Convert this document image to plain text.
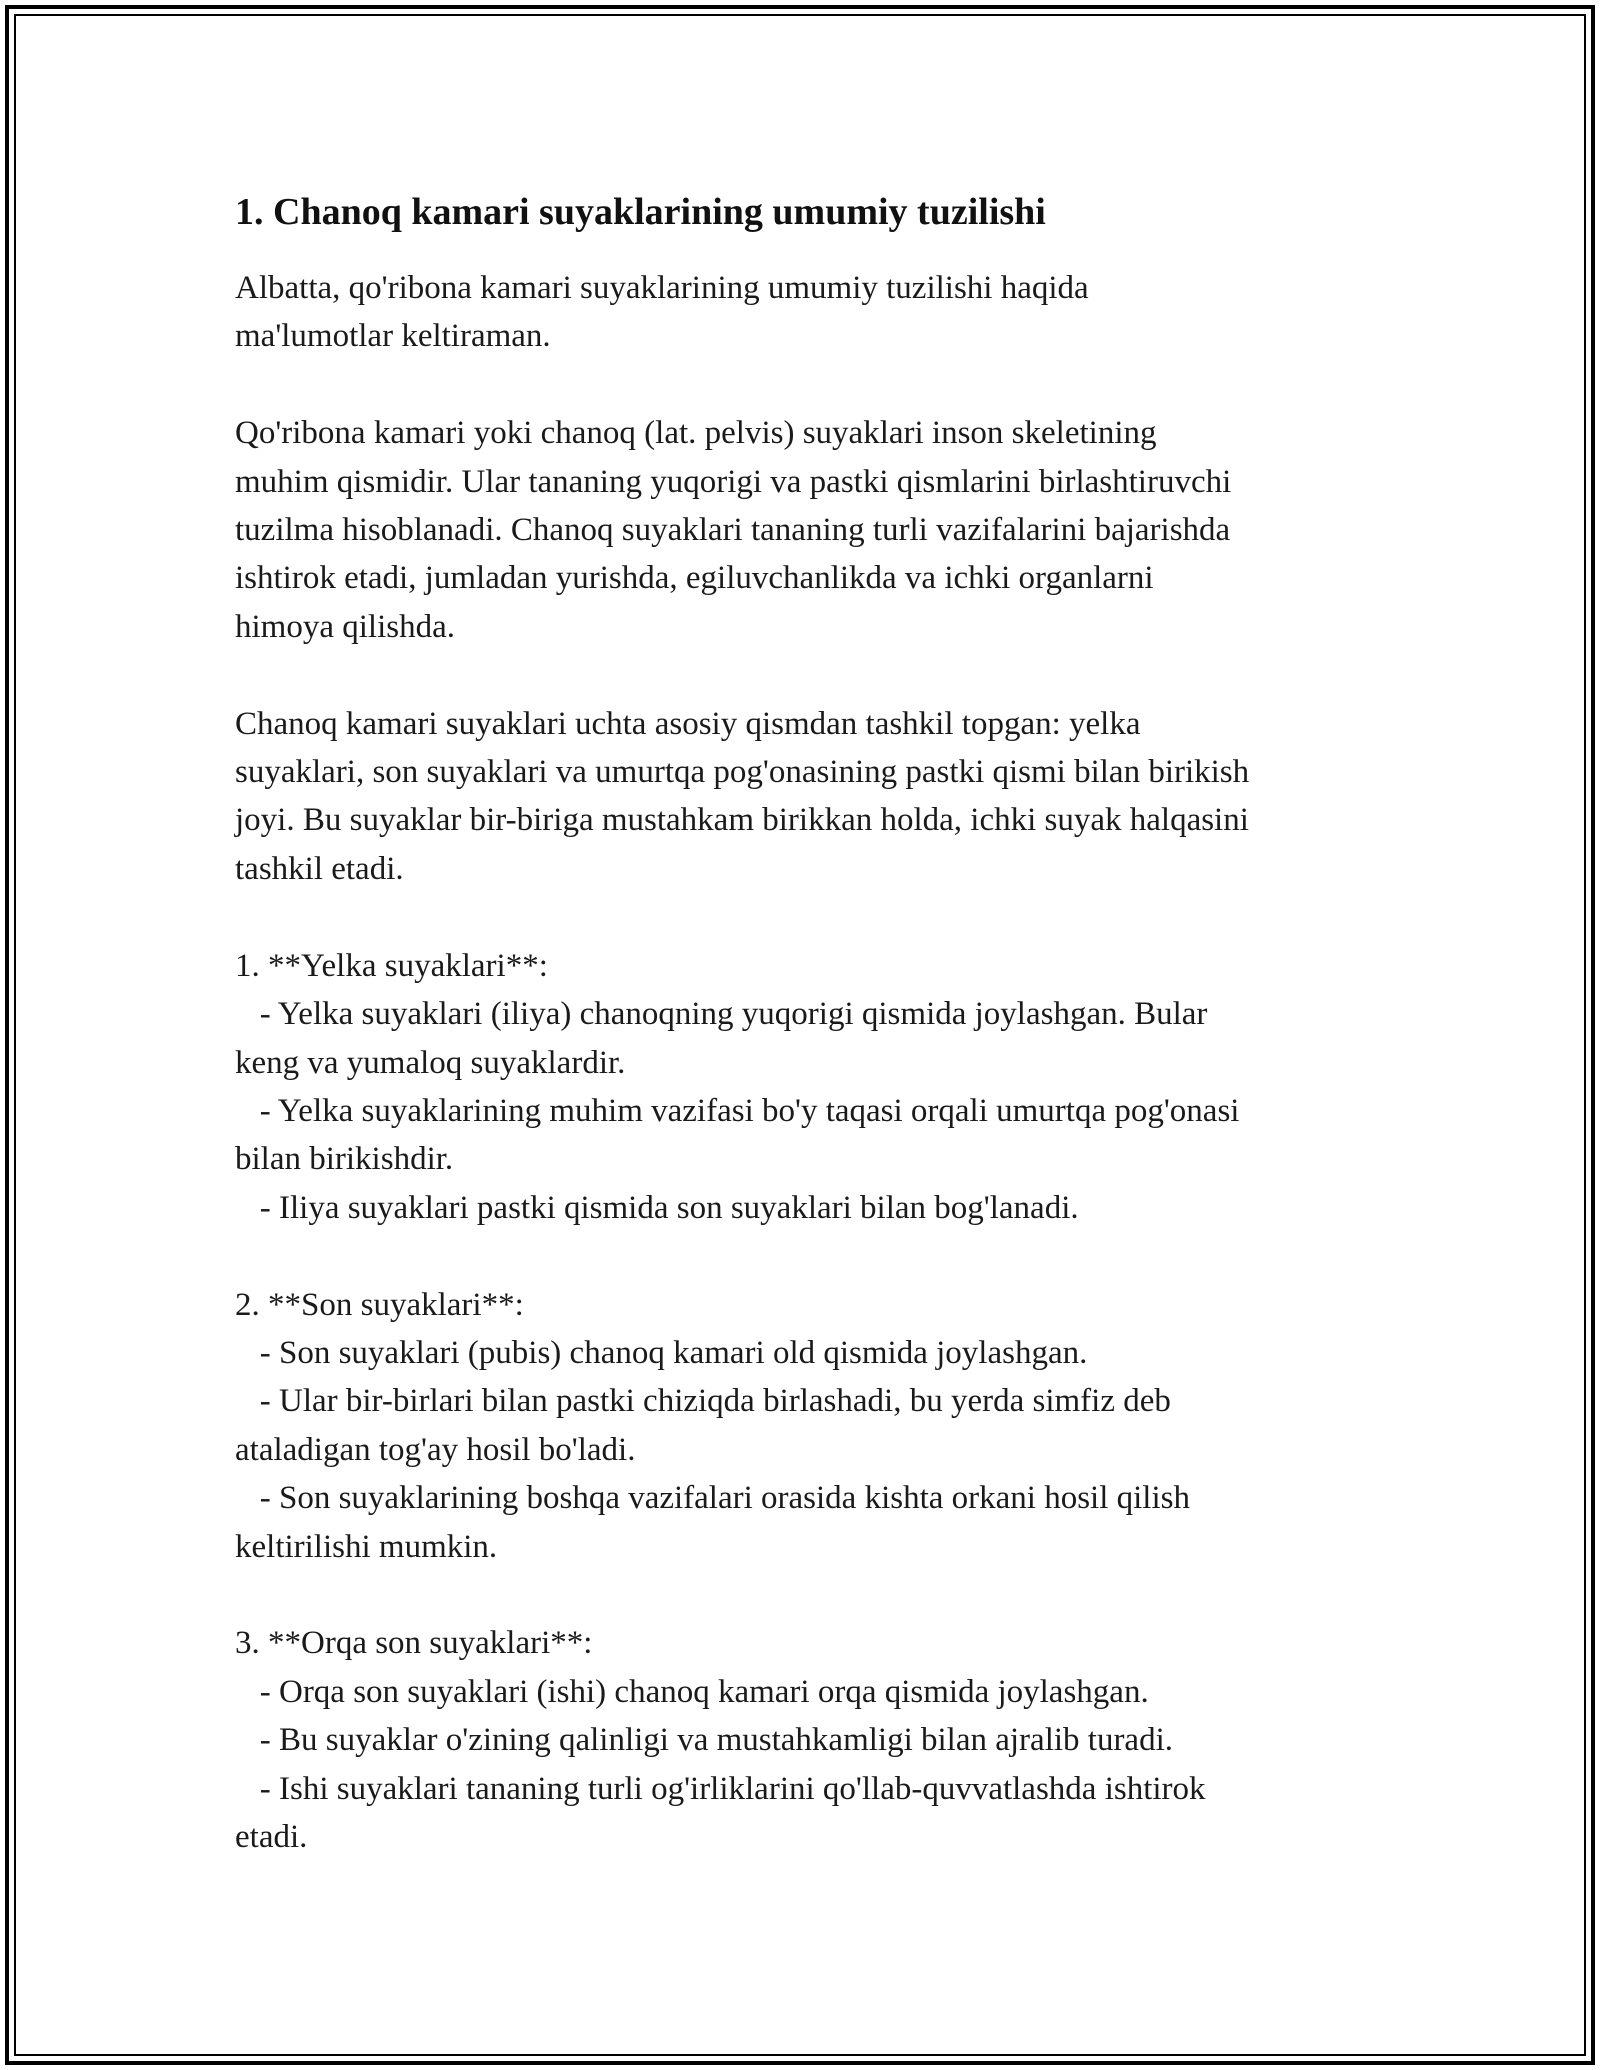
1. Chanoq kamari suyaklarining umumiy tuzilishi

Albatta, qo'ribona kamari suyaklarining umumiy tuzilishi haqida
ma'lumotlar keltiraman.

Qo'ribona kamari yoki chanoq (lat. pelvis) suyaklari inson skeletining
muhim qismidir. Ular tananing yuqorigi va pastki qismlarini birlashtiruvchi
tuzilma hisoblanadi. Chanoq suyaklari tananing turli vazifalarini bajarishda
ishtirok etadi, jumladan yurishda, egiluvchanlikda va ichki organlarni
himoya qilishda.

Chanoq kamari suyaklari uchta asosiy qismdan tashkil topgan: yelka
suyaklari, son suyaklari va umurtqa pog'onasining pastki qismi bilan birikish
joyi. Bu suyaklar bir-biriga mustahkam birikkan holda, ichki suyak halqasini
tashkil etadi.

1. **Yelka suyaklari**:
- Yelka suyaklari (iliya) chanoqning yuqorigi qismida joylashgan. Bular
keng va yumaloq suyaklardir.
- Yelka suyaklarining muhim vazifasi bo'y taqasi orqali umurtqa pog'onasi
bilan birikishdir.
- Iliya suyaklari pastki qismida son suyaklari bilan bog'lanadi.

2. **Son suyaklari**:
- Son suyaklari (pubis) chanoq kamari old qismida joylashgan.
- Ular bir-birlari bilan pastki chiziqda birlashadi, bu yerda simfiz deb
ataladigan tog'ay hosil bo'ladi.
- Son suyaklarining boshqa vazifalari orasida kishta orkani hosil qilish
keltirilishi mumkin.

3. **Orqa son suyaklari**:
- Orqa son suyaklari (ishi) chanoq kamari orqa qismida joylashgan.
- Bu suyaklar o'zining qalinligi va mustahkamligi bilan ajralib turadi.
- Ishi suyaklari tananing turli og'irliklarini qo'llab-quvvatlashda ishtirok
etadi.
